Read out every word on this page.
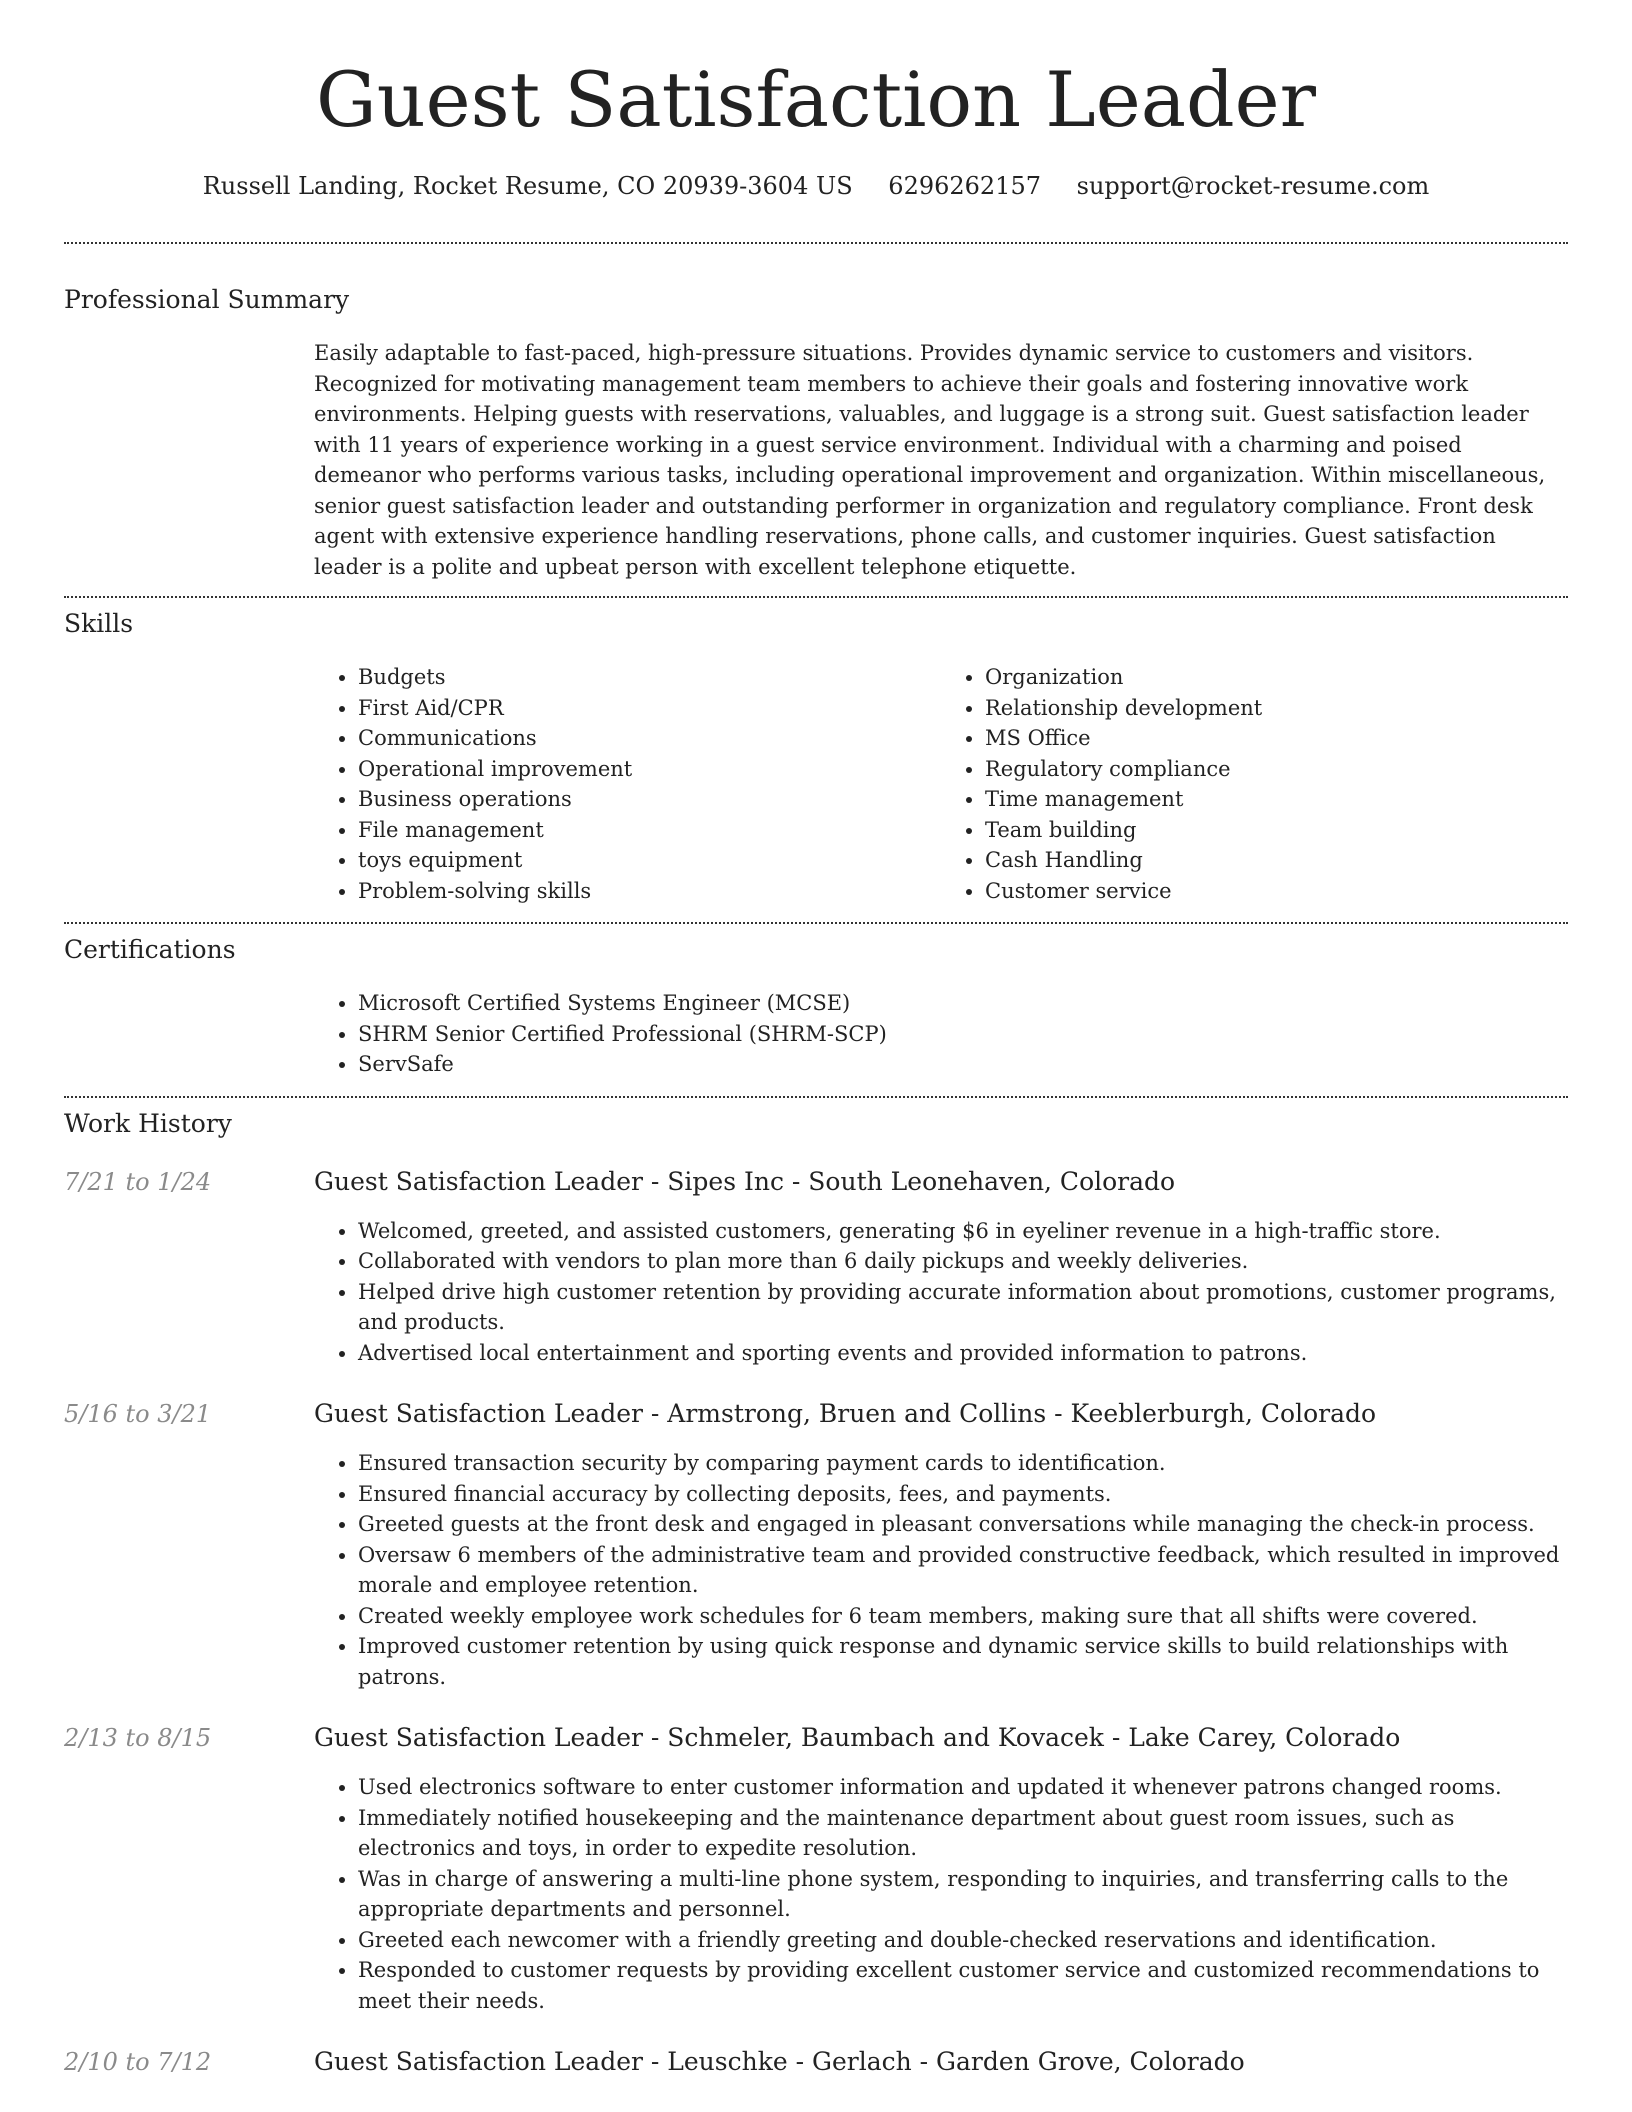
Guest Satisfaction Leader
Russell Landing, Rocket Resume, CO 20939-3604 US 6296262157 support@rocket-resume.com
Professional Summary
Easily adaptable to fast-paced, high-pressure situations. Provides dynamic service to customers and visitors. Recognized for motivating management team members to achieve their goals and fostering innovative work environments. Helping guests with reservations, valuables, and luggage is a strong suit. Guest satisfaction leader with 11 years of experience working in a guest service environment. Individual with a charming and poised demeanor who performs various tasks, including operational improvement and organization. Within miscellaneous, senior guest satisfaction leader and outstanding performer in organization and regulatory compliance. Front desk agent with extensive experience handling reservations, phone calls, and customer inquiries. Guest satisfaction leader is a polite and upbeat person with excellent telephone etiquette.
Skills
• Budgets
• First Aid/CPR
• Communications
• Operational improvement
• Business operations
• File management
• toys equipment
• Problem-solving skills
• Organization
• Relationship development
• MS Office
• Regulatory compliance
• Time management
• Team building
• Cash Handling
• Customer service
Certifications
• Microsoft Certified Systems Engineer (MCSE)
• SHRM Senior Certified Professional (SHRM-SCP)
• ServSafe
Work History
7/21 to 1/24	Guest Satisfaction Leader - Sipes Inc - South Leonehaven, Colorado
• Welcomed, greeted, and assisted customers, generating $6 in eyeliner revenue in a high-traffic store.
• Collaborated with vendors to plan more than 6 daily pickups and weekly deliveries.
• Helped drive high customer retention by providing accurate information about promotions, customer programs, and products.
• Advertised local entertainment and sporting events and provided information to patrons.
5/16 to 3/21	Guest Satisfaction Leader - Armstrong, Bruen and Collins - Keeblerburgh, Colorado
• Ensured transaction security by comparing payment cards to identification.
• Ensured financial accuracy by collecting deposits, fees, and payments.
• Greeted guests at the front desk and engaged in pleasant conversations while managing the check-in process.
• Oversaw 6 members of the administrative team and provided constructive feedback, which resulted in improved morale and employee retention.
• Created weekly employee work schedules for 6 team members, making sure that all shifts were covered.
• Improved customer retention by using quick response and dynamic service skills to build relationships with patrons.
2/13 to 8/15	Guest Satisfaction Leader - Schmeler, Baumbach and Kovacek - Lake Carey, Colorado
• Used electronics software to enter customer information and updated it whenever patrons changed rooms.
• Immediately notified housekeeping and the maintenance department about guest room issues, such as electronics and toys, in order to expedite resolution.
• Was in charge of answering a multi-line phone system, responding to inquiries, and transferring calls to the appropriate departments and personnel.
• Greeted each newcomer with a friendly greeting and double-checked reservations and identification.
• Responded to customer requests by providing excellent customer service and customized recommendations to meet their needs.
2/10 to 7/12	Guest Satisfaction Leader - Leuschke - Gerlach - Garden Grove, Colorado
